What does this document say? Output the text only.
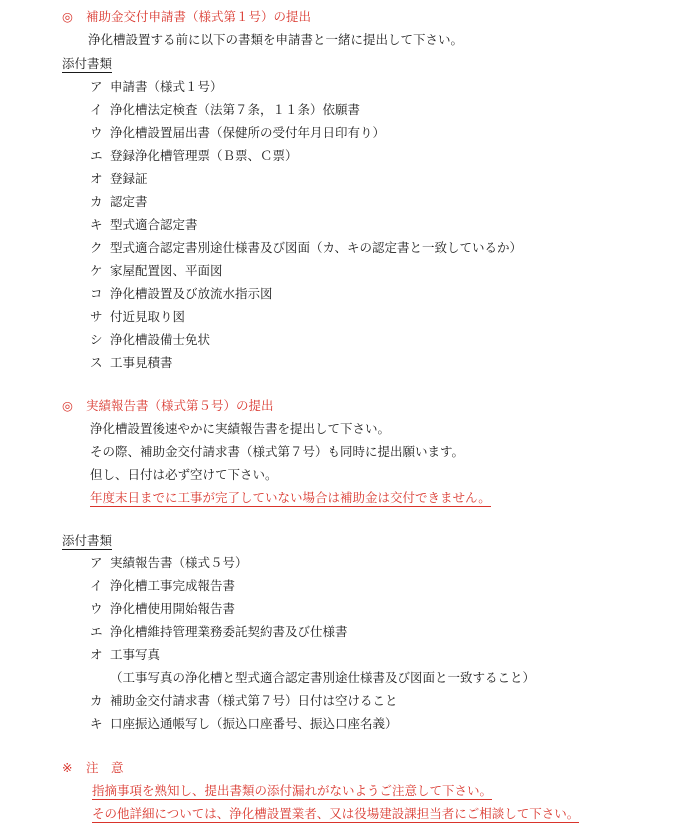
◎ 補助金交付申請書（様式第１号）の提出
浄化槽設置する前に以下の書類を申請書と一緒に提出して下さい。
添付書類
ア 申請書（様式１号）
イ 浄化槽法定検査（法第７条，１１条）依願書
ウ 浄化槽設置届出書（保健所の受付年月日印有り）
エ 登録浄化槽管理票（Ｂ票、Ｃ票）
オ 登録証
カ 認定書
キ 型式適合認定書
ク 型式適合認定書別途仕様書及び図面（カ、キの認定書と一致しているか）
ケ 家屋配置図、平面図
コ 浄化槽設置及び放流水指示図
サ 付近見取り図
シ 浄化槽設備士免状
ス 工事見積書
◎ 実績報告書（様式第５号）の提出
浄化槽設置後速やかに実績報告書を提出して下さい。
その際、補助金交付請求書（様式第７号）も同時に提出願います。
但し、日付は必ず空けて下さい。
年度末日までに工事が完了していない場合は補助金は交付できません。
添付書類
ア 実績報告書（様式５号）
イ 浄化槽工事完成報告書
ウ 浄化槽使用開始報告書
エ 浄化槽維持管理業務委託契約書及び仕様書
オ 工事写真
（工事写真の浄化槽と型式適合認定書別途仕様書及び図面と一致すること）
カ 補助金交付請求書（様式第７号）日付は空けること
キ 口座振込通帳写し（振込口座番号、振込口座名義）
※ 注　意
指摘事項を熟知し、提出書類の添付漏れがないようご注意して下さい。
その他詳細については、浄化槽設置業者、又は役場建設課担当者にご相談して下さい。
